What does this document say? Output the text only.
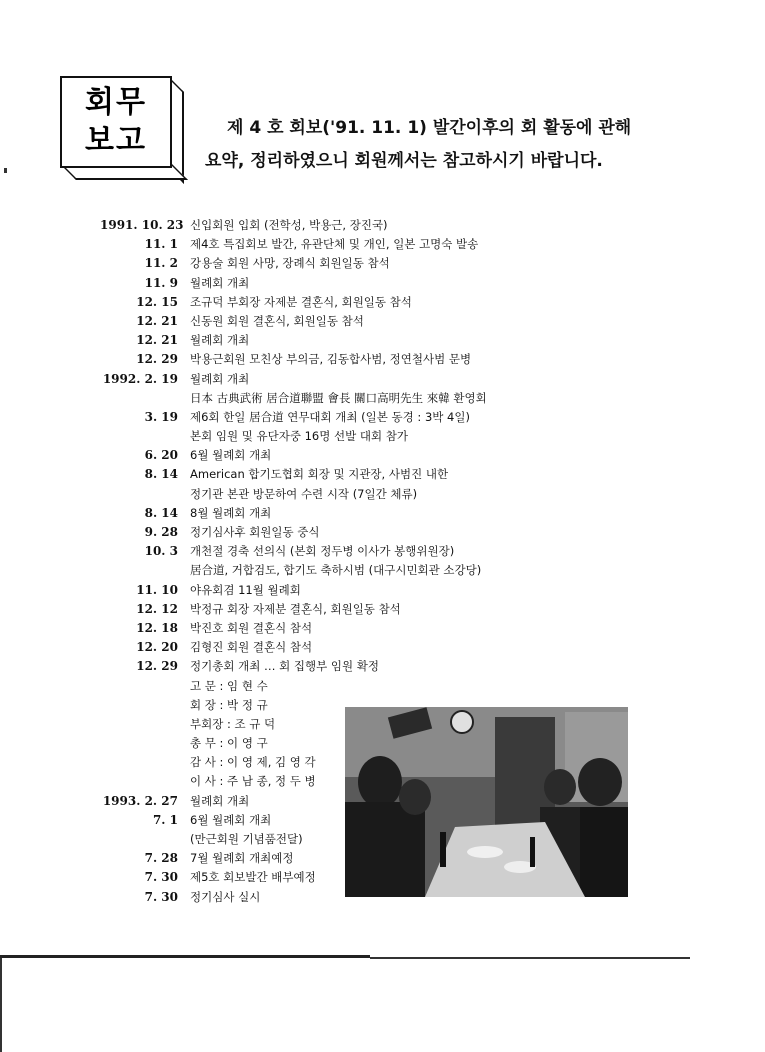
회무
보고	제 4 호 회보('91. 11. 1) 발간이후의 회 활동에 관해
요약, 정리하였으니 회원께서는 참고하시기 바랍니다.
1991. 10. 23 신입회원 입회 (전학성, 박용근, 장진국)
11. 1	제4호 특집회보 발간, 유관단체 및 개인, 일본 고명숙 발송
11. 2	강용술 회원 사망, 장례식 회원일동 참석
11. 9	월례회 개최
12. 15	조규덕 부회장 자제분 결혼식, 회원일동 참석
12. 21	신동원 회원 결혼식, 회원일동 참석
12. 21	월례회 개최
12. 29	박용근회원 모친상 부의금, 김동합사범, 정연철사범 문병
1992. 2. 19	월례회 개최
日本 古典武術 居合道聯盟 會長 關口高明先生 來韓 환영회
3. 19	제6회 한일 居合道 연무대회 개최 (일본 동경 : 3박 4일)
본회 임원 및 유단자중 16명 선발 대회 참가
6. 20	6월 월례회 개최
8. 14	American 합기도협회 회장 및 지관장, 사범진 내한
정기관 본관 방문하여 수련 시작 (7일간 체류)
8. 14	8월 월례회 개최
9. 28	정기심사후 회원일동 중식
10. 3	개천절 경축 선의식 (본회 정두병 이사가 봉행위원장)
居合道, 거합검도, 합기도 축하시범 (대구시민회관 소강당)
11. 10	야유회겸 11월 월례회
12. 12	박정규 회장 자제분 결혼식, 회원일동 참석
12. 18	박진호 회원 결혼식 참석
12. 20	김형진 회원 결혼식 참석
12. 29	정기총회 개최 … 회 집행부 임원 확정
고 문 : 임 현 수
회 장 : 박 정 규
부회장 : 조 규 덕
총 무 : 이 영 구
감 사 : 이 영 제, 김 영 각
이 사 : 주 남 종, 정 두 병
1993. 2. 27	월례회 개최
7. 1	6월 월례회 개최
(만근회원 기념품전달)
7. 28	7월 월례회 개최예정
7. 30	제5호 회보발간 배부예정
7. 30	정기심사 실시
